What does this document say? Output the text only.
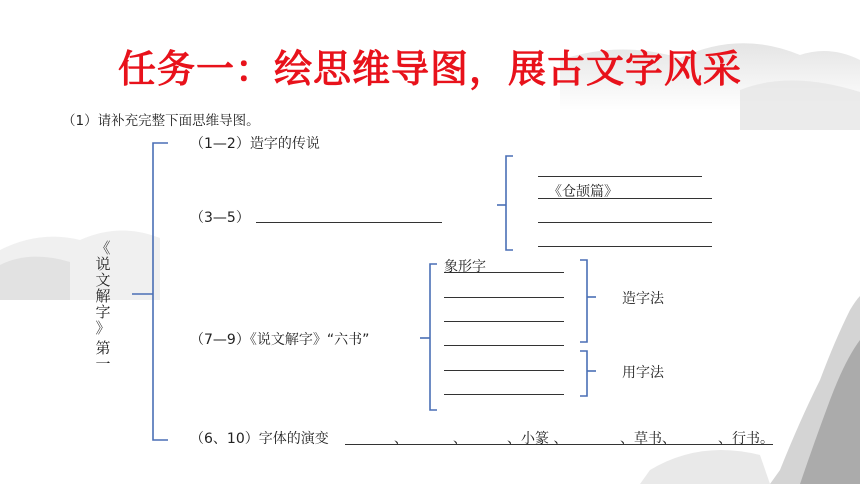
任务一：绘思维导图，展古文字风采
（1）请补充完整下面思维导图。
《
说
文
解
字
》
第
一
（1—2）造字的传说
（3—5）
《仓颉篇》
（7—9）《说文解字》“六书”
象形字
造字法
用字法
（6、10）字体的演变	、	、	、小篆 、	、草书、	、行书。
